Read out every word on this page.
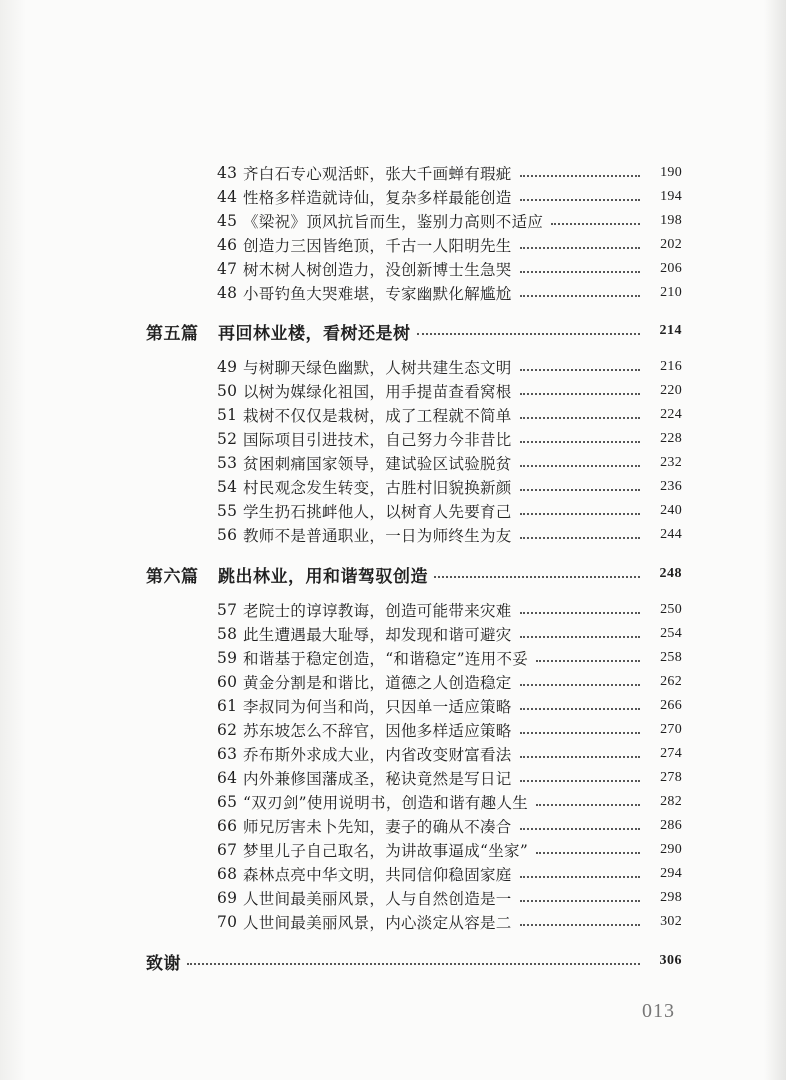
43 齐白石专心观活虾，张大千画蝉有瑕疵	190
44 性格多样造就诗仙，复杂多样最能创造	194
45 《梁祝》顶风抗旨而生，鉴别力高则不适应	198
46 创造力三因皆绝顶，千古一人阳明先生	202
47 树木树人树创造力，没创新博士生急哭	206
48 小哥钓鱼大哭难堪，专家幽默化解尴尬	210
第五篇	再回林业楼，看树还是树	214
49 与树聊天绿色幽默，人树共建生态文明	216
50 以树为媒绿化祖国，用手提苗查看窝根	220
51 栽树不仅仅是栽树，成了工程就不简单	224
52 国际项目引进技术，自己努力今非昔比	228
53 贫困刺痛国家领导，建试验区试验脱贫	232
54 村民观念发生转变，古胜村旧貌换新颜	236
55 学生扔石挑衅他人，以树育人先要育己	240
56 教师不是普通职业，一日为师终生为友	244
第六篇	跳出林业，用和谐驾驭创造	248
57 老院士的谆谆教诲，创造可能带来灾难	250
58 此生遭遇最大耻辱，却发现和谐可避灾	254
59 和谐基于稳定创造，“和谐稳定”连用不妥	258
60 黄金分割是和谐比，道德之人创造稳定	262
61 李叔同为何当和尚，只因单一适应策略	266
62 苏东坡怎么不辞官，因他多样适应策略	270
63 乔布斯外求成大业，内省改变财富看法	274
64 内外兼修国藩成圣，秘诀竟然是写日记	278
65 “双刃剑”使用说明书，创造和谐有趣人生	282
66 师兄厉害未卜先知，妻子的确从不凑合	286
67 梦里儿子自己取名，为讲故事逼成“坐家”	290
68 森林点亮中华文明，共同信仰稳固家庭	294
69 人世间最美丽风景，人与自然创造是一	298
70 人世间最美丽风景，内心淡定从容是二	302
致谢	306
013
